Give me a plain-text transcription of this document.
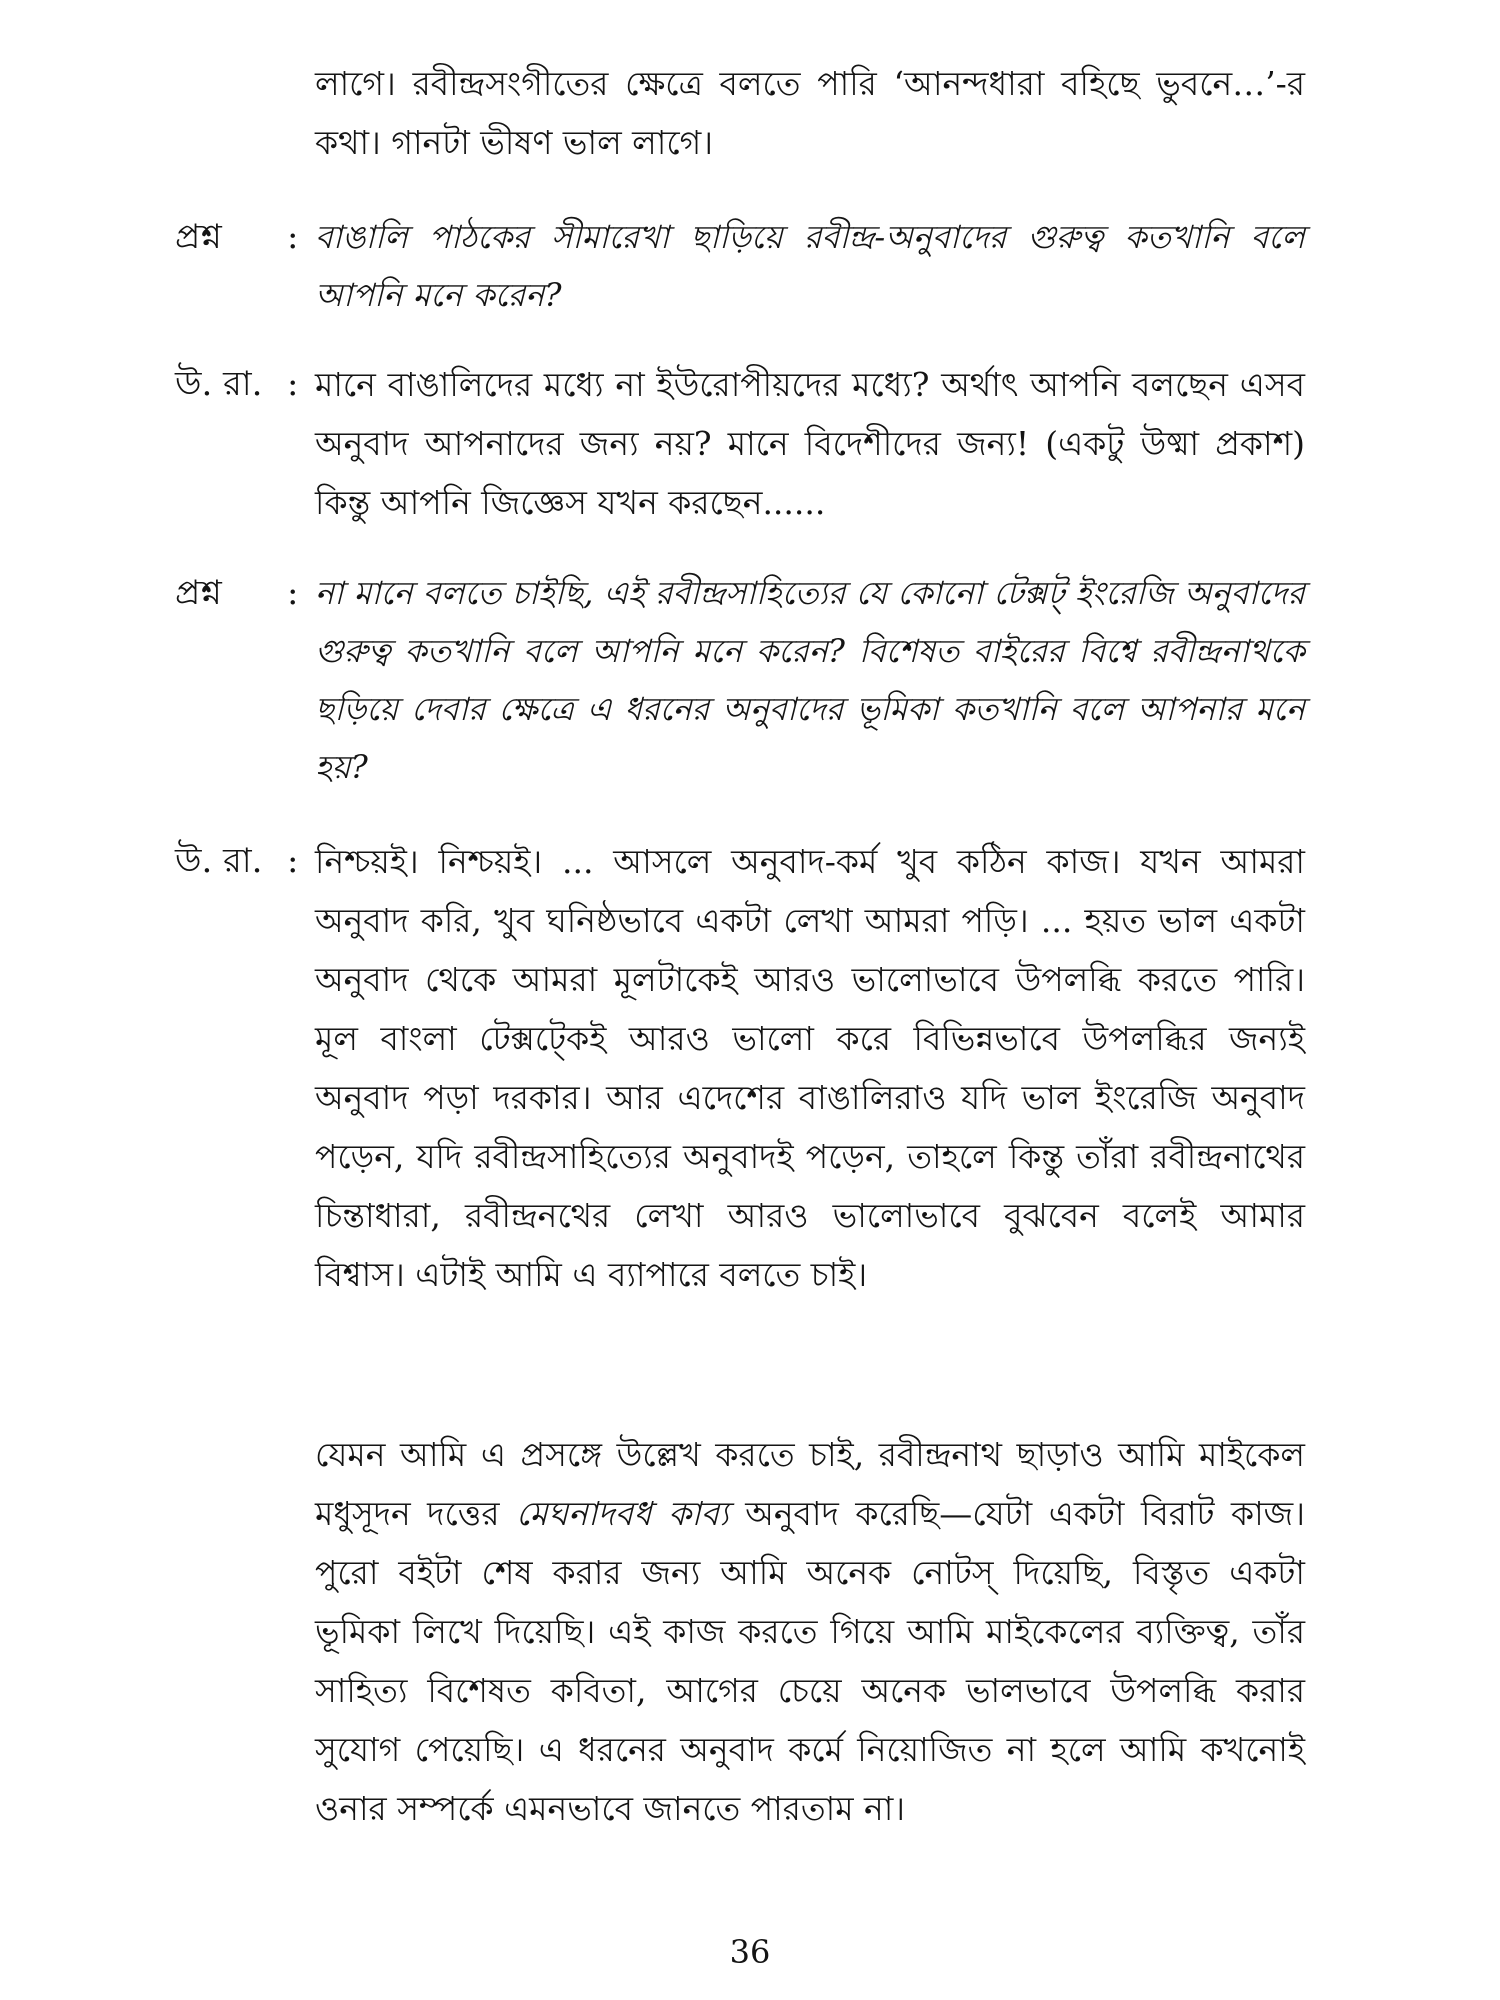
লাগে। রবীন্দ্রসংগীতের ক্ষেত্রে বলতে পারি ‘আনন্দধারা বহিছে ভুবনে…’-র কথা। গানটা ভীষণ ভাল লাগে।
প্রশ্ন	: বাঙালি পাঠকের সীমারেখা ছাড়িয়ে রবীন্দ্র-অনুবাদের গুরুত্ব কতখানি বলে আপনি মনে করেন?
উ. রা. : মানে বাঙালিদের মধ্যে না ইউরোপীয়দের মধ্যে? অর্থাৎ আপনি বলছেন এসব অনুবাদ আপনাদের জন্য নয়? মানে বিদেশীদের জন্য! (একটু উষ্মা প্রকাশ) কিন্তু আপনি জিজ্ঞেস যখন করছেন......
প্রশ্ন	: না মানে বলতে চাইছি, এই রবীন্দ্রসাহিত্যের যে কোনো টেক্সট্ ইংরেজি অনুবাদের গুরুত্ব কতখানি বলে আপনি মনে করেন? বিশেষত বাইরের বিশ্বে রবীন্দ্রনাথকে ছড়িয়ে দেবার ক্ষেত্রে এ ধরনের অনুবাদের ভূমিকা কতখানি বলে আপনার মনে হয়?
উ. রা. : নিশ্চয়ই। নিশ্চয়ই। ... আসলে অনুবাদ-কর্ম খুব কঠিন কাজ। যখন আমরা অনুবাদ করি, খুব ঘনিষ্ঠভাবে একটা লেখা আমরা পড়ি। ... হয়ত ভাল একটা অনুবাদ থেকে আমরা মূলটাকেই আরও ভালোভাবে উপলব্ধি করতে পারি। মূল বাংলা টেক্সট্কেই আরও ভালো করে বিভিন্নভাবে উপলব্ধির জন্যই অনুবাদ পড়া দরকার। আর এদেশের বাঙালিরাও যদি ভাল ইংরেজি অনুবাদ পড়েন, যদি রবীন্দ্রসাহিত্যের অনুবাদই পড়েন, তাহলে কিন্তু তাঁরা রবীন্দ্রনাথের চিন্তাধারা, রবীন্দ্রনথের লেখা আরও ভালোভাবে বুঝবেন বলেই আমার বিশ্বাস। এটাই আমি এ ব্যাপারে বলতে চাই।
যেমন আমি এ প্রসঙ্গে উল্লেখ করতে চাই, রবীন্দ্রনাথ ছাড়াও আমি মাইকেল মধুসূদন দত্তের মেঘনাদবধ কাব্য অনুবাদ করেছি—যেটা একটা বিরাট কাজ। পুরো বইটা শেষ করার জন্য আমি অনেক নোটস্ দিয়েছি, বিস্তৃত একটা ভূমিকা লিখে দিয়েছি। এই কাজ করতে গিয়ে আমি মাইকেলের ব্যক্তিত্ব, তাঁর সাহিত্য বিশেষত কবিতা, আগের চেয়ে অনেক ভালভাবে উপলব্ধি করার সুযোগ পেয়েছি। এ ধরনের অনুবাদ কর্মে নিয়োজিত না হলে আমি কখনোই ওনার সম্পর্কে এমনভাবে জানতে পারতাম না।
36
